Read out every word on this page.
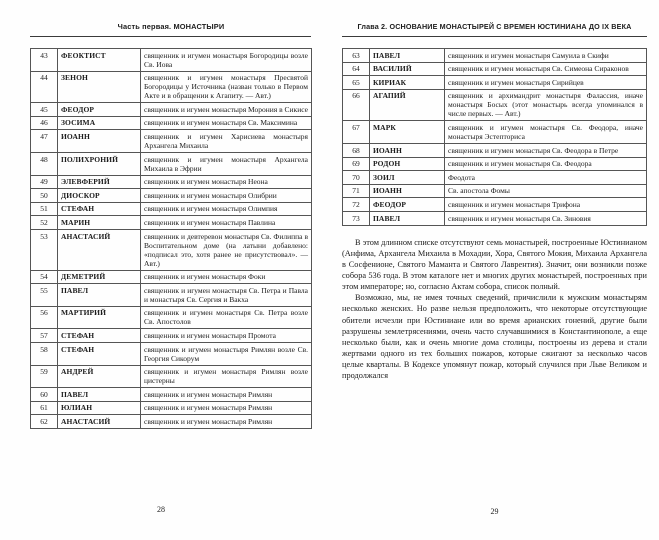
Часть первая. МОНАСТЫРИ
43	ФЕОКТИСТ	священник и игумен монастыря Богородицы возле Св. Иова
44	ЗЕНОН	священник и игумен монастыря Пресвятой Богородицы у Источника (назван только в Первом Акте и в обращении к Агапиту. — Авт.)
45	ФЕОДОР	священник и игумен монастыря Морония в Сикисе
46	ЗОСИМА	священник и игумен монастыря Св. Максимина
47	ИОАНН	священник и игумен Харисиева монастыря Архангела Михаила
48	ПОЛИХРОНИЙ	священник и игумен монастыря Архангела Михаила в Эфрии
49	ЭЛЕВФЕРИЙ	священник и игумен монастыря Неона
50	ДИОСКОР	священник и игумен монастыря Олибрии
51	СТЕФАН	священник и игумен монастыря Олимпия
52	МАРИН	священник и игумен монастыря Павлина
53	АНАСТАСИЙ	священник и девтеревон монастыря Св. Филиппа в Воспитательном доме (на латыни добавлено: «подписал это, хотя ранее не присутствовал». — Авт.)
54	ДЕМЕТРИЙ	священник и игумен монастыря Фоки
55	ПАВЕЛ	священник и игумен монастыря Св. Петра и Павла и монастыря Св. Сергия и Вакха
56	МАРТИРИЙ	священник и игумен монастыря Св. Петра возле Св. Апостолов
57	СТЕФАН	священник и игумен монастыря Промота
58	СТЕФАН	священник и игумен монастыря Римлян возле Св. Георгия Сикорум
59	АНДРЕЙ	священник и игумен монастыря Римлян возле цистерны
60	ПАВЕЛ	священник и игумен монастыря Римлян
61	ЮЛИАН	священник и игумен монастыря Римлян
62	АНАСТАСИЙ	священник и игумен монастыря Римлян
28
Глава 2. ОСНОВАНИЕ МОНАСТЫРЕЙ С ВРЕМЕН ЮСТИНИАНА ДО IX ВЕКА
63	ПАВЕЛ	священник и игумен монастыря Самуила в Скифи
64	ВАСИЛИЙ	священник и игумен монастыря Св. Симеона Сираконов
65	КИРИАК	священник и игумен монастыря Сирийцев
66	АГАПИЙ	священник и архимандрит монастыря Фалассия, иначе монастыря Босых (этот монастырь всегда упоминался в числе первых. — Авт.)
67	МАРК	священник и игумен монастыря Св. Феодора, иначе монастыря Эстепториса
68	ИОАНН	священник и игумен монастыря Св. Феодора в Петре
69	РОДОН	священник и игумен монастыря Св. Феодора
70	ЗОИЛ	Феодота
71	ИОАНН	Св. апостола Фомы
72	ФЕОДОР	священник и игумен монастыря Трифона
73	ПАВЕЛ	священник и игумен монастыря Св. Зиновия

В этом длинном списке отсутствуют семь монастырей, построенные Юстинианом (Анфима, Архангела Михаила в Мохадии, Хора, Святого Мокия, Михаила Архангела в Сосфенионе, Святого Маманта и Святого Лаврентия). Значит, они возникли позже собора 536 года. В этом каталоге нет и многих других монастырей, построенных при этом императоре; но, согласно Актам собора, список полный.

Возможно, мы, не имея точных сведений, причислили к мужским монастырям несколько женских. Но разве нельзя предположить, что некоторые отсутствующие обители исчезли при Юстиниане или во время арианских гонений, другие были разрушены землетрясениями, очень часто случавшимися в Константинополе, а еще несколько были, как и очень многие дома столицы, построены из дерева и стали жертвами одного из тех больших пожаров, которые сжигают за несколько часов целые кварталы. В Кодексе упомянут пожар, который случился при Льве Великом и продолжался

29
